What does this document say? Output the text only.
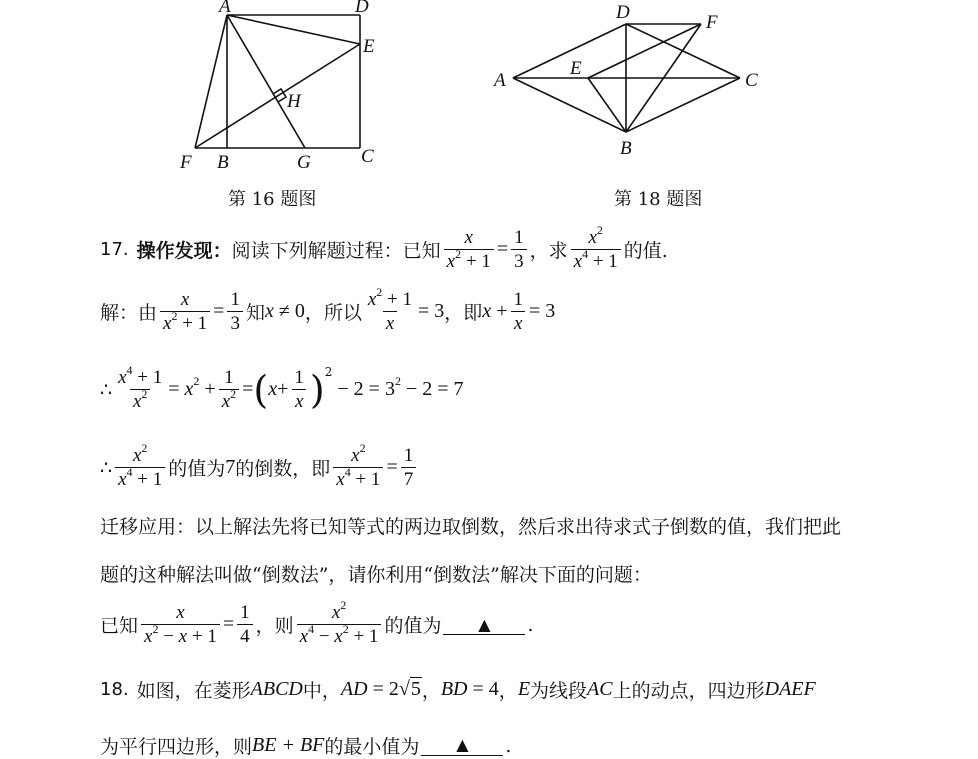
A	D
E
H
F B	G	C
第 16 题图
D	F
A
E
C
B
第 18 题图
17. 操作发现： 阅读下列解题过程：已知 $\frac{x}{x^2 + 1} = \frac{1}{3}$ ，求 $\frac{x^2}{x^4 + 1}$ 的值.
解：由 $\frac{x}{x^2 + 1} = \frac{1}{3}$ 知 x ≠ 0 ，所以 $\frac{x^2 + 1}{x} = 3$ ，即 $x + \frac{1}{x} = 3$
∴ $\frac{x^4 + 1}{x^2} = x^2 + \frac{1}{x^2}$ = ( $x + \frac{1}{x} )^2$
− $2 = 3^2 - 2 = 7$
∴ $\frac{x^2}{x^4 + 1}$ 的值为 7 的倒数，即 $\frac{x^2}{x^4 + 1} = \frac{1}{7}$
迁移应用：以上解法先将已知等式的两边取倒数，然后求出待求式子倒数的值，我们把此
题的这种解法叫做“倒数法”，请你利用“倒数法”解决下面的问题：
已知 $\frac{x}{x^2 - x + 1} = \frac{1}{4}$ ，则 $\frac{x^2}{x^4 - x^2 + 1}$ 的值为	▲	.
18. 如图，在菱形 ABCD 中， AD = 2√5 ， BD = 4 ， E 为线段 AC 上的动点，四边形 DAEF
为平行四边形，则 BE + BF 的最小值为	▲	.
